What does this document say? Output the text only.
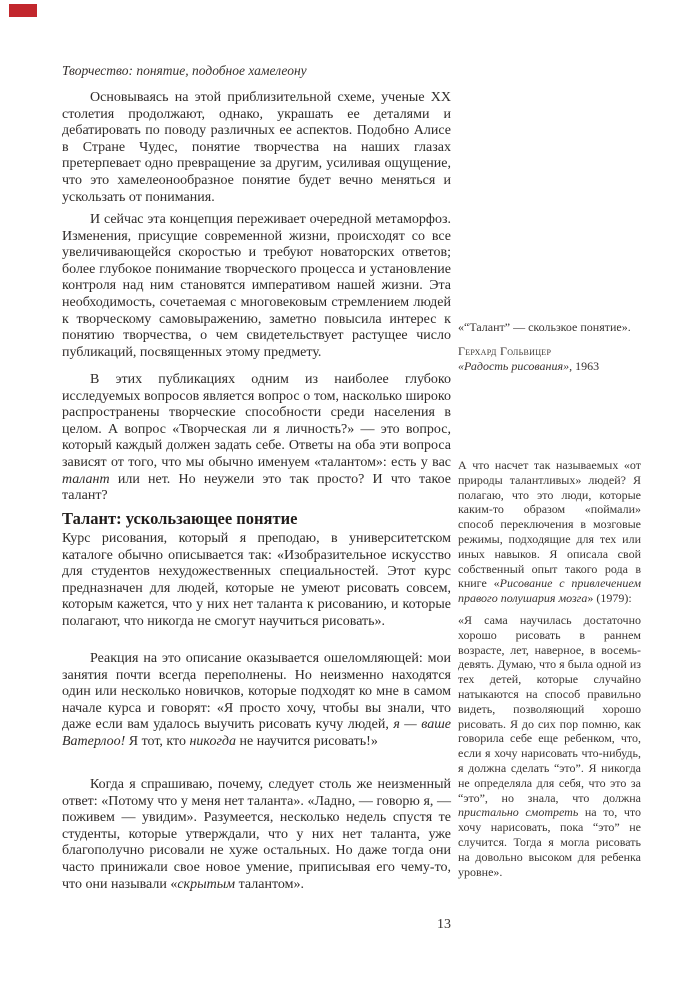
Творчество: понятие, подобное хамелеону

Основываясь на этой приблизительной схеме, ученые XX столетия продолжают, однако, украшать ее деталями и дебатировать по поводу различных ее аспектов. Подобно Алисе в Стране Чудес, понятие творчества на наших глазах претерпевает одно превращение за другим, усиливая ощущение, что это хамелеонообразное понятие будет вечно меняться и ускользать от понимания.

И сейчас эта концепция переживает очередной метаморфоз. Изменения, присущие современной жизни, происходят со все увеличивающейся скоростью и требуют новаторских ответов; более глубокое понимание творческого процесса и установление контроля над ним становятся императивом нашей жизни. Эта необходимость, сочетаемая с многовековым стремлением людей к творческому самовыражению, заметно повысила интерес к понятию творчества, о чем свидетельствует растущее число публикаций, посвященных этому предмету.

В этих публикациях одним из наиболее глубоко исследуемых вопросов является вопрос о том, насколько широко распространены творческие способности среди населения в целом. А вопрос «Творческая ли я личность?» — это вопрос, который каждый должен задать себе. Ответы на оба эти вопроса зависят от того, что мы обычно именуем «талантом»: есть у вас талант или нет. Но неужели это так просто? И что такое талант?

Талант: ускользающее понятие

Курс рисования, который я преподаю, в университетском каталоге обычно описывается так: «Изобразительное искусство для студентов нехудожественных специальностей. Этот курс предназначен для людей, которые не умеют рисовать совсем, которым кажется, что у них нет таланта к рисованию, и которые полагают, что никогда не смогут научиться рисовать».

Реакция на это описание оказывается ошеломляющей: мои занятия почти всегда переполнены. Но неизменно находятся один или несколько новичков, которые подходят ко мне в самом начале курса и говорят: «Я просто хочу, чтобы вы знали, что даже если вам удалось выучить рисовать кучу людей, я — ваше Ватерлоо! Я тот, кто никогда не научится рисовать!»

Когда я спрашиваю, почему, следует столь же неизменный ответ: «Потому что у меня нет таланта». «Ладно, — говорю я, — поживем — увидим». Разумеется, несколько недель спустя те студенты, которые утверждали, что у них нет таланта, уже благополучно рисовали не хуже остальных. Но даже тогда они часто принижали свое новое умение, приписывая его чему-то, что они называли «скрытым талантом».

«“Талант” — скользкое понятие».

Герхард Гольвицер

«Радость рисования», 1963

А что насчет так называемых «от природы талантливых» людей? Я полагаю, что это люди, которые каким-то образом «поймали» способ переключения в мозговые режимы, подходящие для тех или иных навыков. Я описала свой собственный опыт такого рода в книге «Рисование с привлечением правого полушария мозга» (1979):

«Я сама научилась достаточно хорошо рисовать в раннем возрасте, лет, наверное, в восемь-девять. Думаю, что я была одной из тех детей, которые случайно натыкаются на способ правильно видеть, позволяющий хорошо рисовать. Я до сих пор помню, как говорила себе еще ребенком, что, если я хочу нарисовать что-нибудь, я должна сделать “это”. Я никогда не определяла для себя, что это за “это”, но знала, что должна пристально смотреть на то, что хочу нарисовать, пока “это” не случится. Тогда я могла рисовать на довольно высоком для ребенка уровне».

13
